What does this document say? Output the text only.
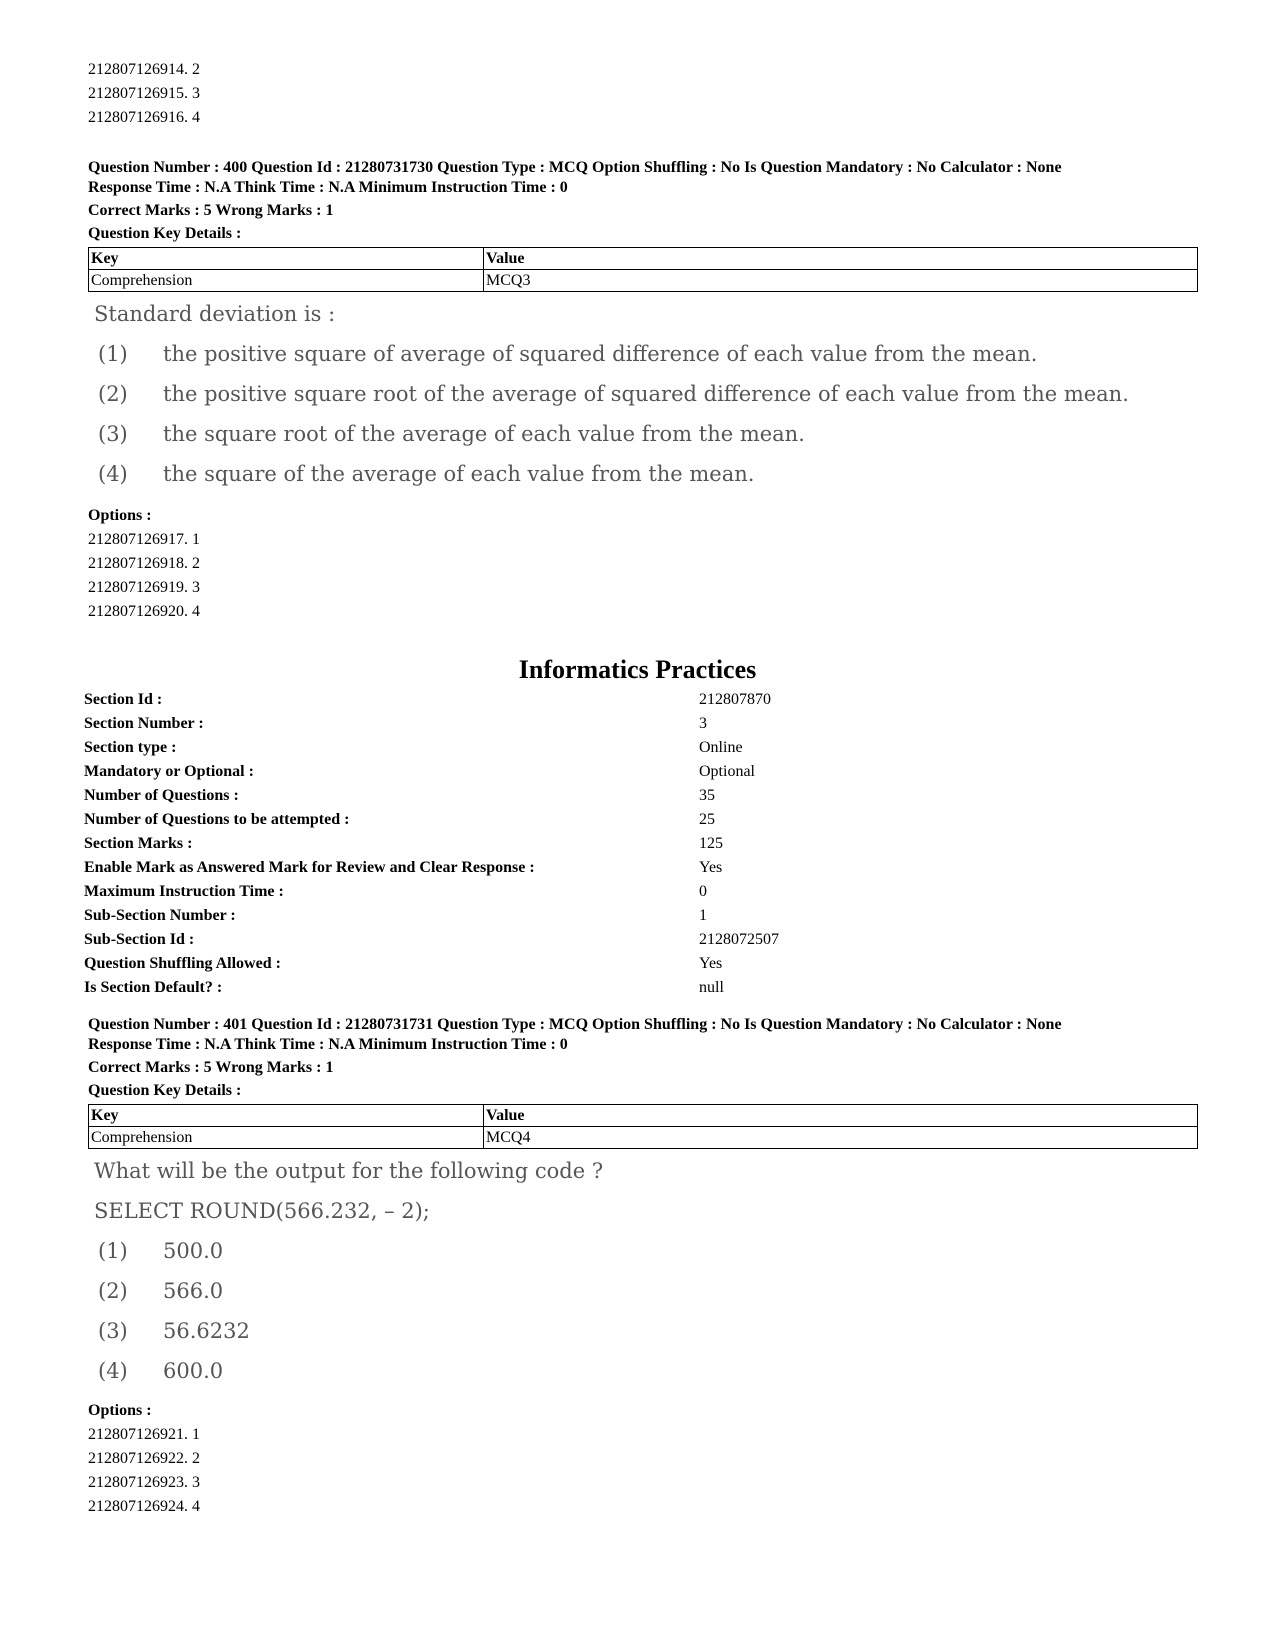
212807126914. 2
212807126915. 3
212807126916. 4
Question Number : 400 Question Id : 21280731730 Question Type : MCQ Option Shuffling : No Is Question Mandatory : No Calculator : None
Response Time : N.A Think Time : N.A Minimum Instruction Time : 0
Correct Marks : 5 Wrong Marks : 1
Question Key Details :
Key	Value
Comprehension	MCQ3
Standard deviation is :
(1)	the positive square of average of squared difference of each value from the mean.
(2)	the positive square root of the average of squared difference of each value from the mean.
(3)	the square root of the average of each value from the mean.
(4)	the square of the average of each value from the mean.
Options :
212807126917. 1
212807126918. 2
212807126919. 3
212807126920. 4
Informatics Practices
Section Id :	212807870
Section Number :	3
Section type :	Online
Mandatory or Optional :	Optional
Number of Questions :	35
Number of Questions to be attempted :	25
Section Marks :	125
Enable Mark as Answered Mark for Review and Clear Response :	Yes
Maximum Instruction Time :	0
Sub-Section Number :	1
Sub-Section Id :	2128072507
Question Shuffling Allowed :	Yes
Is Section Default? :	null
Question Number : 401 Question Id : 21280731731 Question Type : MCQ Option Shuffling : No Is Question Mandatory : No Calculator : None
Response Time : N.A Think Time : N.A Minimum Instruction Time : 0
Correct Marks : 5 Wrong Marks : 1
Question Key Details :
Key	Value
Comprehension	MCQ4
What will be the output for the following code ?
SELECT ROUND(566.232, – 2);
(1)	500.0
(2)	566.0
(3)	56.6232
(4)	600.0
Options :
212807126921. 1
212807126922. 2
212807126923. 3
212807126924. 4
